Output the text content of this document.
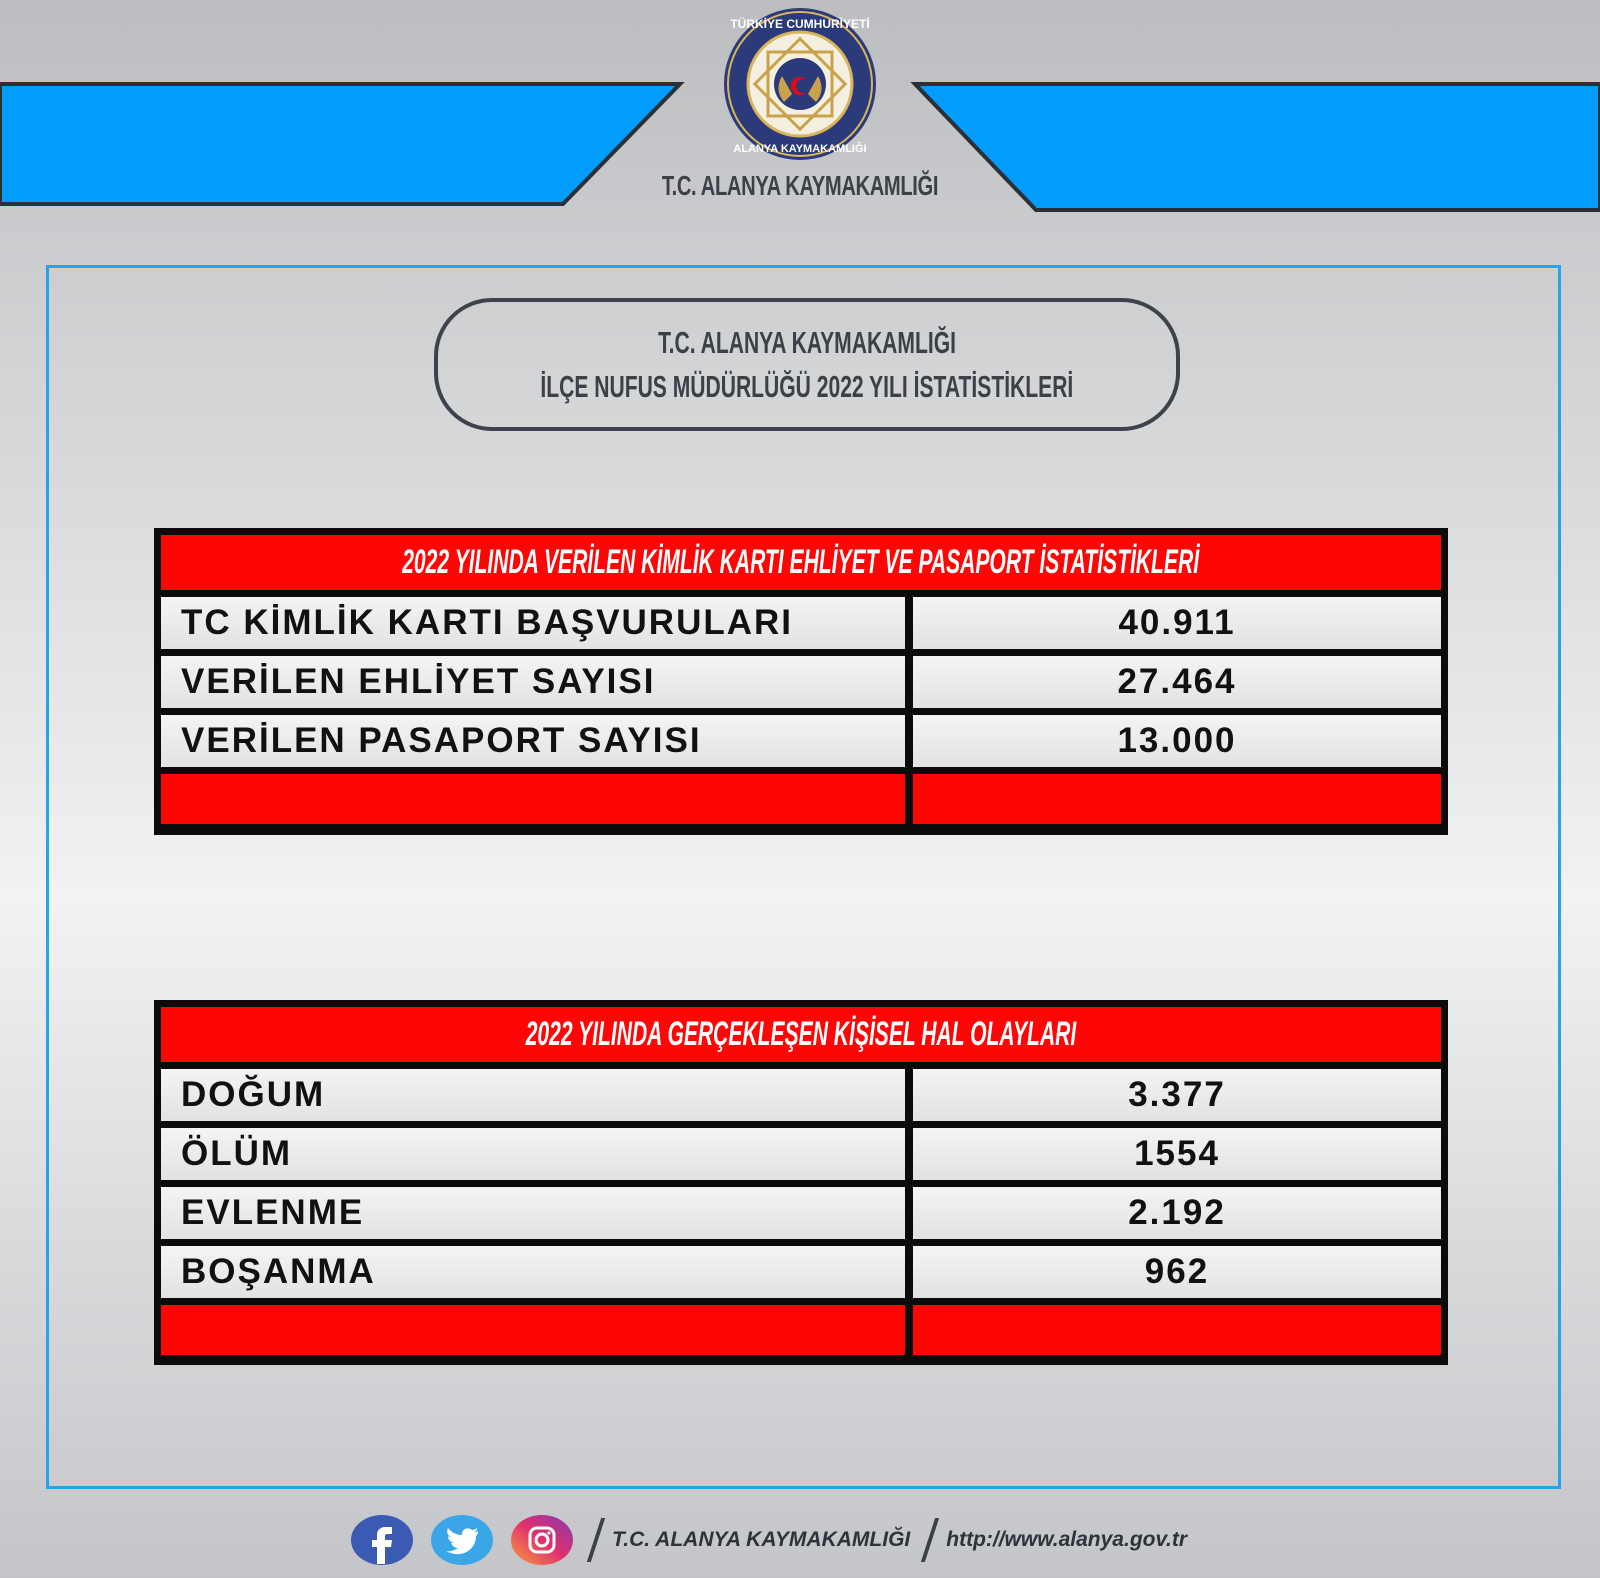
TÜRKİYE CUMHURİYETİ
ALANYA KAYMAKAMLIĞI
T.C. ALANYA KAYMAKAMLIĞI
T.C. ALANYA KAYMAKAMLIĞI
İLÇE NUFUS MÜDÜRLÜĞÜ 2022 YILI İSTATİSTİKLERİ
2022 YILINDA VERİLEN KİMLİK KARTI EHLİYET VE PASAPORT İSTATİSTİKLERİ
TC KİMLİK KARTI BAŞVURULARI	40.911
VERİLEN EHLİYET SAYISI	27.464
VERİLEN PASAPORT SAYISI	13.000
2022 YILINDA GERÇEKLEŞEN KİŞİSEL HAL OLAYLARI
DOĞUM	3.377
ÖLÜM	1554
EVLENME	2.192
BOŞANMA	962
T.C. ALANYA KAYMAKAMLIĞI http://www.alanya.gov.tr
